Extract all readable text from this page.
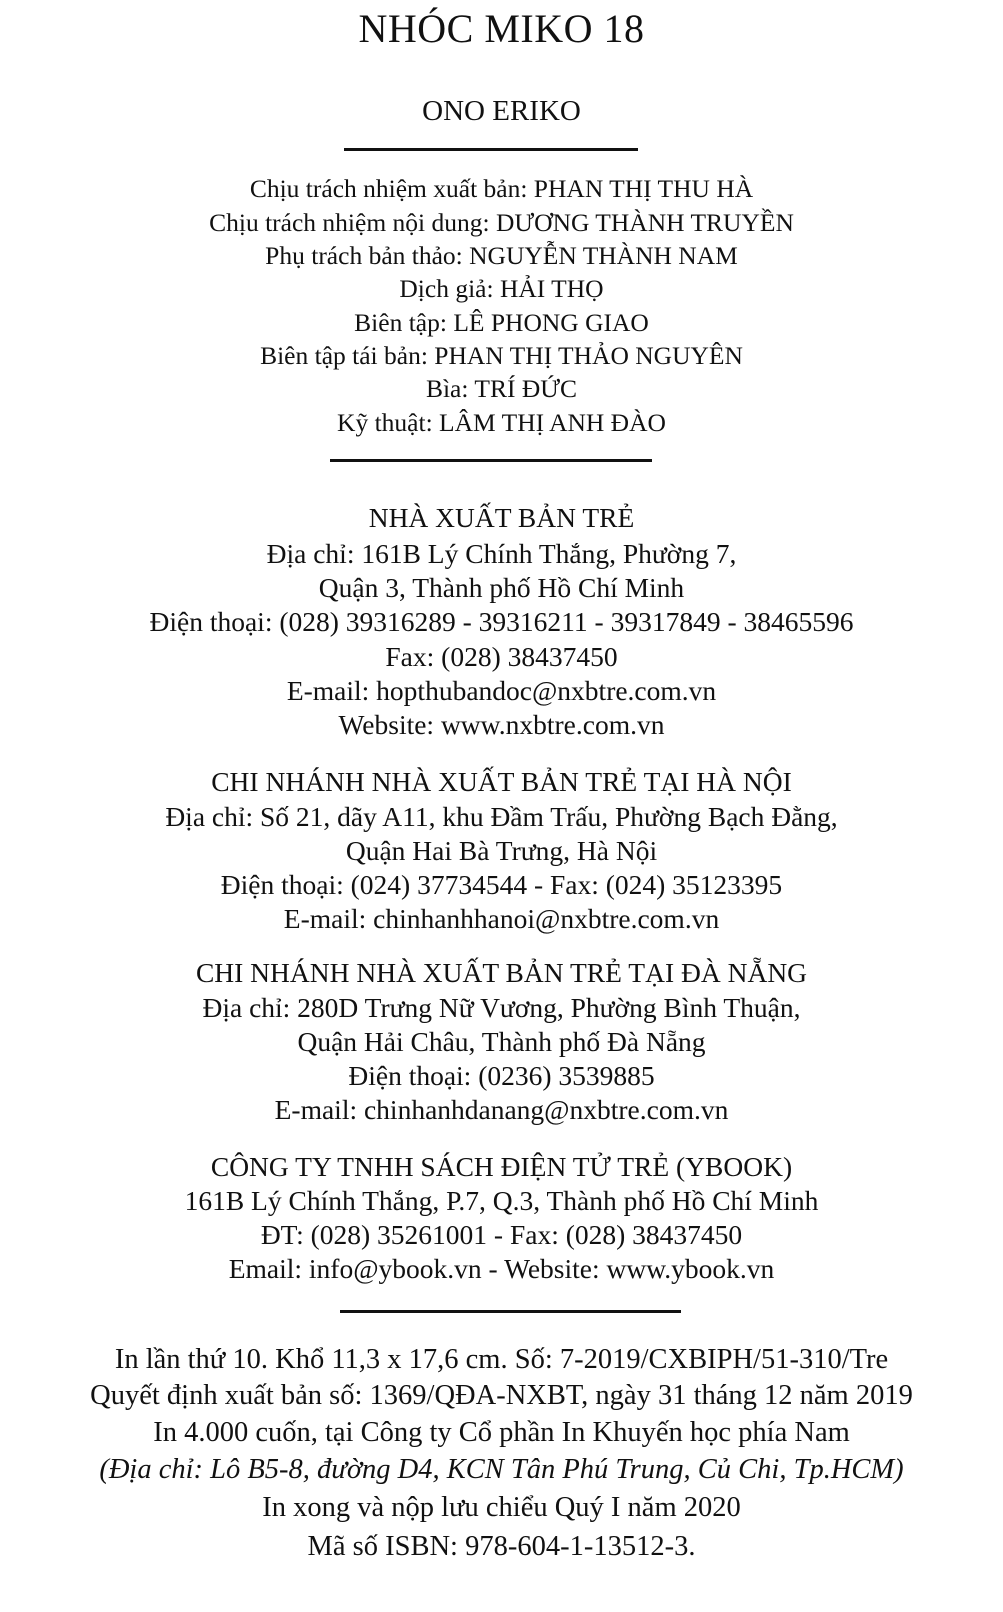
NHÓC MIKO 18
ONO ERIKO
Chịu trách nhiệm xuất bản: PHAN THỊ THU HÀ
Chịu trách nhiệm nội dung: DƯƠNG THÀNH TRUYỀN
Phụ trách bản thảo: NGUYỄN THÀNH NAM
Dịch giả: HẢI THỌ
Biên tập: LÊ PHONG GIAO
Biên tập tái bản: PHAN THỊ THẢO NGUYÊN
Bìa: TRÍ ĐỨC
Kỹ thuật: LÂM THỊ ANH ĐÀO
NHÀ XUẤT BẢN TRẺ
Địa chỉ: 161B Lý Chính Thắng, Phường 7,
Quận 3, Thành phố Hồ Chí Minh
Điện thoại: (028) 39316289 - 39316211 - 39317849 - 38465596
Fax: (028) 38437450
E-mail: hopthubandoc@nxbtre.com.vn
Website: www.nxbtre.com.vn
CHI NHÁNH NHÀ XUẤT BẢN TRẺ TẠI HÀ NỘI
Địa chỉ: Số 21, dãy A11, khu Đầm Trấu, Phường Bạch Đằng,
Quận Hai Bà Trưng, Hà Nội
Điện thoại: (024) 37734544 - Fax: (024) 35123395
E-mail: chinhanhhanoi@nxbtre.com.vn
CHI NHÁNH NHÀ XUẤT BẢN TRẺ TẠI ĐÀ NẴNG
Địa chỉ: 280D Trưng Nữ Vương, Phường Bình Thuận,
Quận Hải Châu, Thành phố Đà Nẵng
Điện thoại: (0236) 3539885
E-mail: chinhanhdanang@nxbtre.com.vn
CÔNG TY TNHH SÁCH ĐIỆN TỬ TRẺ (YBOOK)
161B Lý Chính Thắng, P.7, Q.3, Thành phố Hồ Chí Minh
ĐT: (028) 35261001 - Fax: (028) 38437450
Email: info@ybook.vn - Website: www.ybook.vn
In lần thứ 10. Khổ 11,3 x 17,6 cm. Số: 7-2019/CXBIPH/51-310/Tre
Quyết định xuất bản số: 1369/QĐA-NXBT, ngày 31 tháng 12 năm 2019
In 4.000 cuốn, tại Công ty Cổ phần In Khuyến học phía Nam
(Địa chỉ: Lô B5-8, đường D4, KCN Tân Phú Trung, Củ Chi, Tp.HCM)
In xong và nộp lưu chiểu Quý I năm 2020
Mã số ISBN: 978-604-1-13512-3.
